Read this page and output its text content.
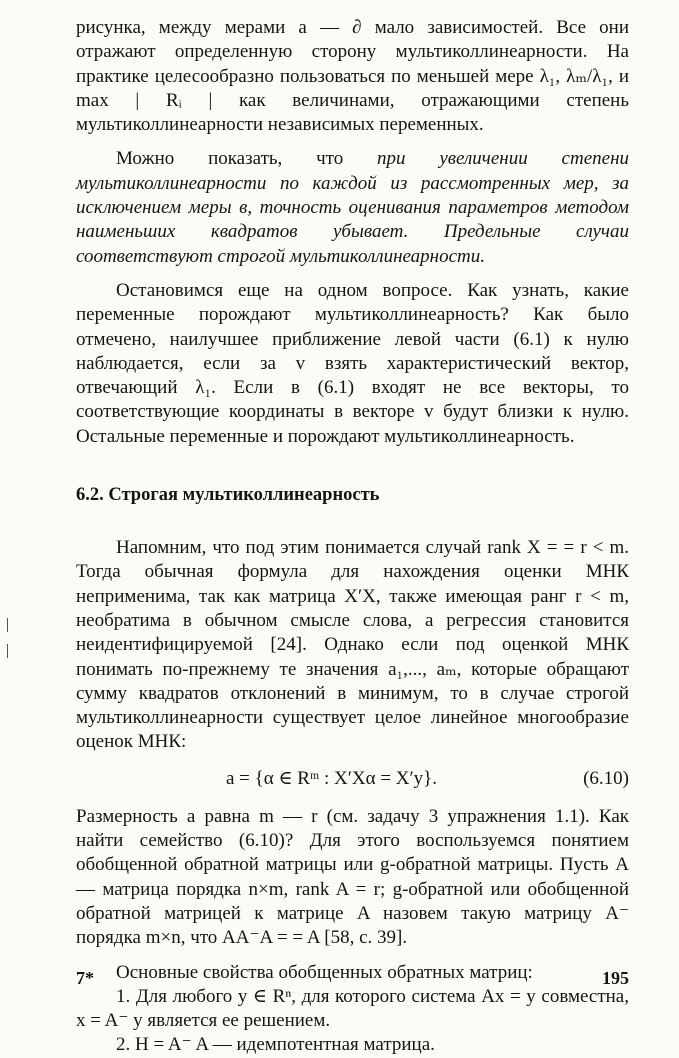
рисунка, между мерами a — ∂ мало зависимостей. Все они отражают определенную сторону мультиколлинеарности. На практике целесообразно пользоваться по меньшей мере λ₁, λₘ/λ₁, и max | Rᵢ | как величинами, отражающими степень мультиколлинеарности независимых переменных.

Можно показать, что при увеличении степени мультиколлинеарности по каждой из рассмотренных мер, за исключением меры в, точность оценивания параметров методом наименьших квадратов убывает. Предельные случаи соответствуют строгой мультиколлинеарности.

Остановимся еще на одном вопросе. Как узнать, какие переменные порождают мультиколлинеарность? Как было отмечено, наилучшее приближение левой части (6.1) к нулю наблюдается, если за v взять характеристический вектор, отвечающий λ₁. Если в (6.1) входят не все векторы, то соответствующие координаты в векторе v будут близки к нулю. Остальные переменные и порождают мультиколлинеарность.

6.2. Строгая мультиколлинеарность

Напомним, что под этим понимается случай rank X = = r < m. Тогда обычная формула для нахождения оценки МНК неприменима, так как матрица X′X, также имеющая ранг r < m, необратима в обычном смысле слова, а регрессия становится неидентифицируемой [24]. Однако если под оценкой МНК понимать по-прежнему те значения a₁,..., aₘ, которые обращают сумму квадратов отклонений в минимум, то в случае строгой мультиколлинеарности существует целое линейное многообразие оценок МНК:

a = {α ∈ Rᵐ : X′Xα = X′y}.	(6.10)

Размерность a равна m — r (см. задачу 3 упражнения 1.1). Как найти семейство (6.10)? Для этого воспользуемся понятием обобщенной обратной матрицы или g-обратной матрицы. Пусть A — матрица порядка n×m, rank A = r; g-обратной или обобщенной обратной матрицей к матрице A назовем такую матрицу A⁻ порядка m×n, что AA⁻A = = A [58, с. 39].

Основные свойства обобщенных обратных матриц:

1. Для любого y ∈ Rⁿ, для которого система Ax = y совместна, x = A⁻ y является ее решением.

2. H = A⁻ A — идемпотентная матрица.

7*	195
